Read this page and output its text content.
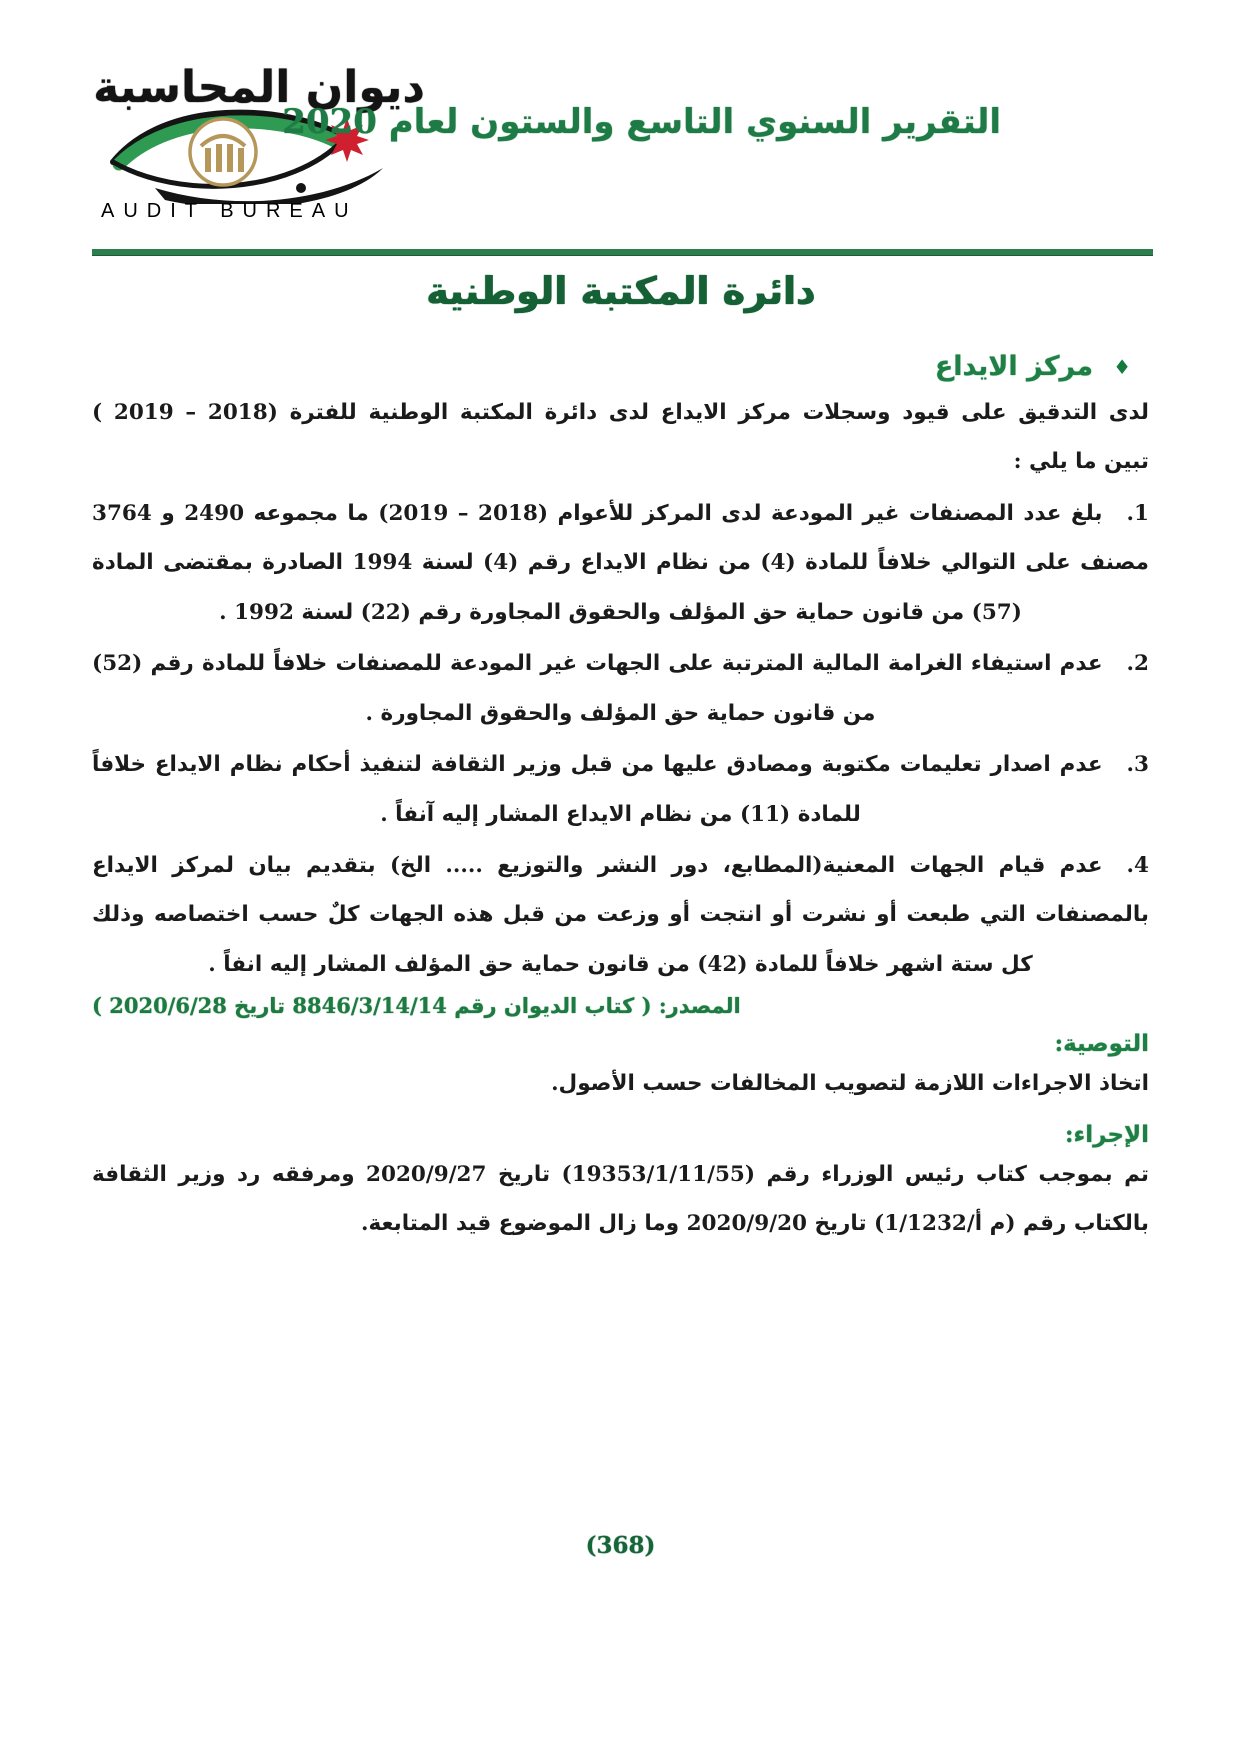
ديوان المحاسبة
AUDIT BUREAU
التقرير السنوي التاسع والستون لعام 2020
دائرة المكتبة الوطنية
♦
مركز الايداع

لدى التدقيق على قيود وسجلات مركز الايداع لدى دائرة المكتبة الوطنية للفترة (2018 – 2019 )

تبين ما يلي :

1.بلغ عدد المصنفات غير المودعة لدى المركز للأعوام (2018 – 2019) ما مجموعه 2490 و 3764 مصنف على التوالي خلافاً للمادة (4) من نظام الايداع رقم (4) لسنة 1994 الصادرة بمقتضى المادة (57) من قانون حماية حق المؤلف والحقوق المجاورة رقم (22) لسنة 1992 .

2.عدم استيفاء الغرامة المالية المترتبة على الجهات غير المودعة للمصنفات خلافاً للمادة رقم (52) من قانون حماية حق المؤلف والحقوق المجاورة .

3.عدم اصدار تعليمات مكتوبة ومصادق عليها من قبل وزير الثقافة لتنفيذ أحكام نظام الايداع خلافاً للمادة (11) من نظام الايداع المشار إليه آنفاً .

4.عدم قيام الجهات المعنية(المطابع، دور النشر والتوزيع ..... الخ) بتقديم بيان لمركز الايداع بالمصنفات التي طبعت أو نشرت أو انتجت أو وزعت من قبل هذه الجهات كلٌ حسب اختصاصه وذلك كل ستة اشهر خلافاً للمادة (42) من قانون حماية حق المؤلف المشار إليه انفاً .

المصدر: ( كتاب الديوان رقم 8846/3/14/14 تاريخ 2020/6/28 )

التوصية:

اتخاذ الاجراءات اللازمة لتصويب المخالفات حسب الأصول.

الإجراء:

تم بموجب كتاب رئيس الوزراء رقم (19353/1/11/55) تاريخ 2020/9/27 ومرفقه رد وزير الثقافة بالكتاب رقم (م أ/1/1232) تاريخ 2020/9/20 وما زال الموضوع قيد المتابعة.

(368)
